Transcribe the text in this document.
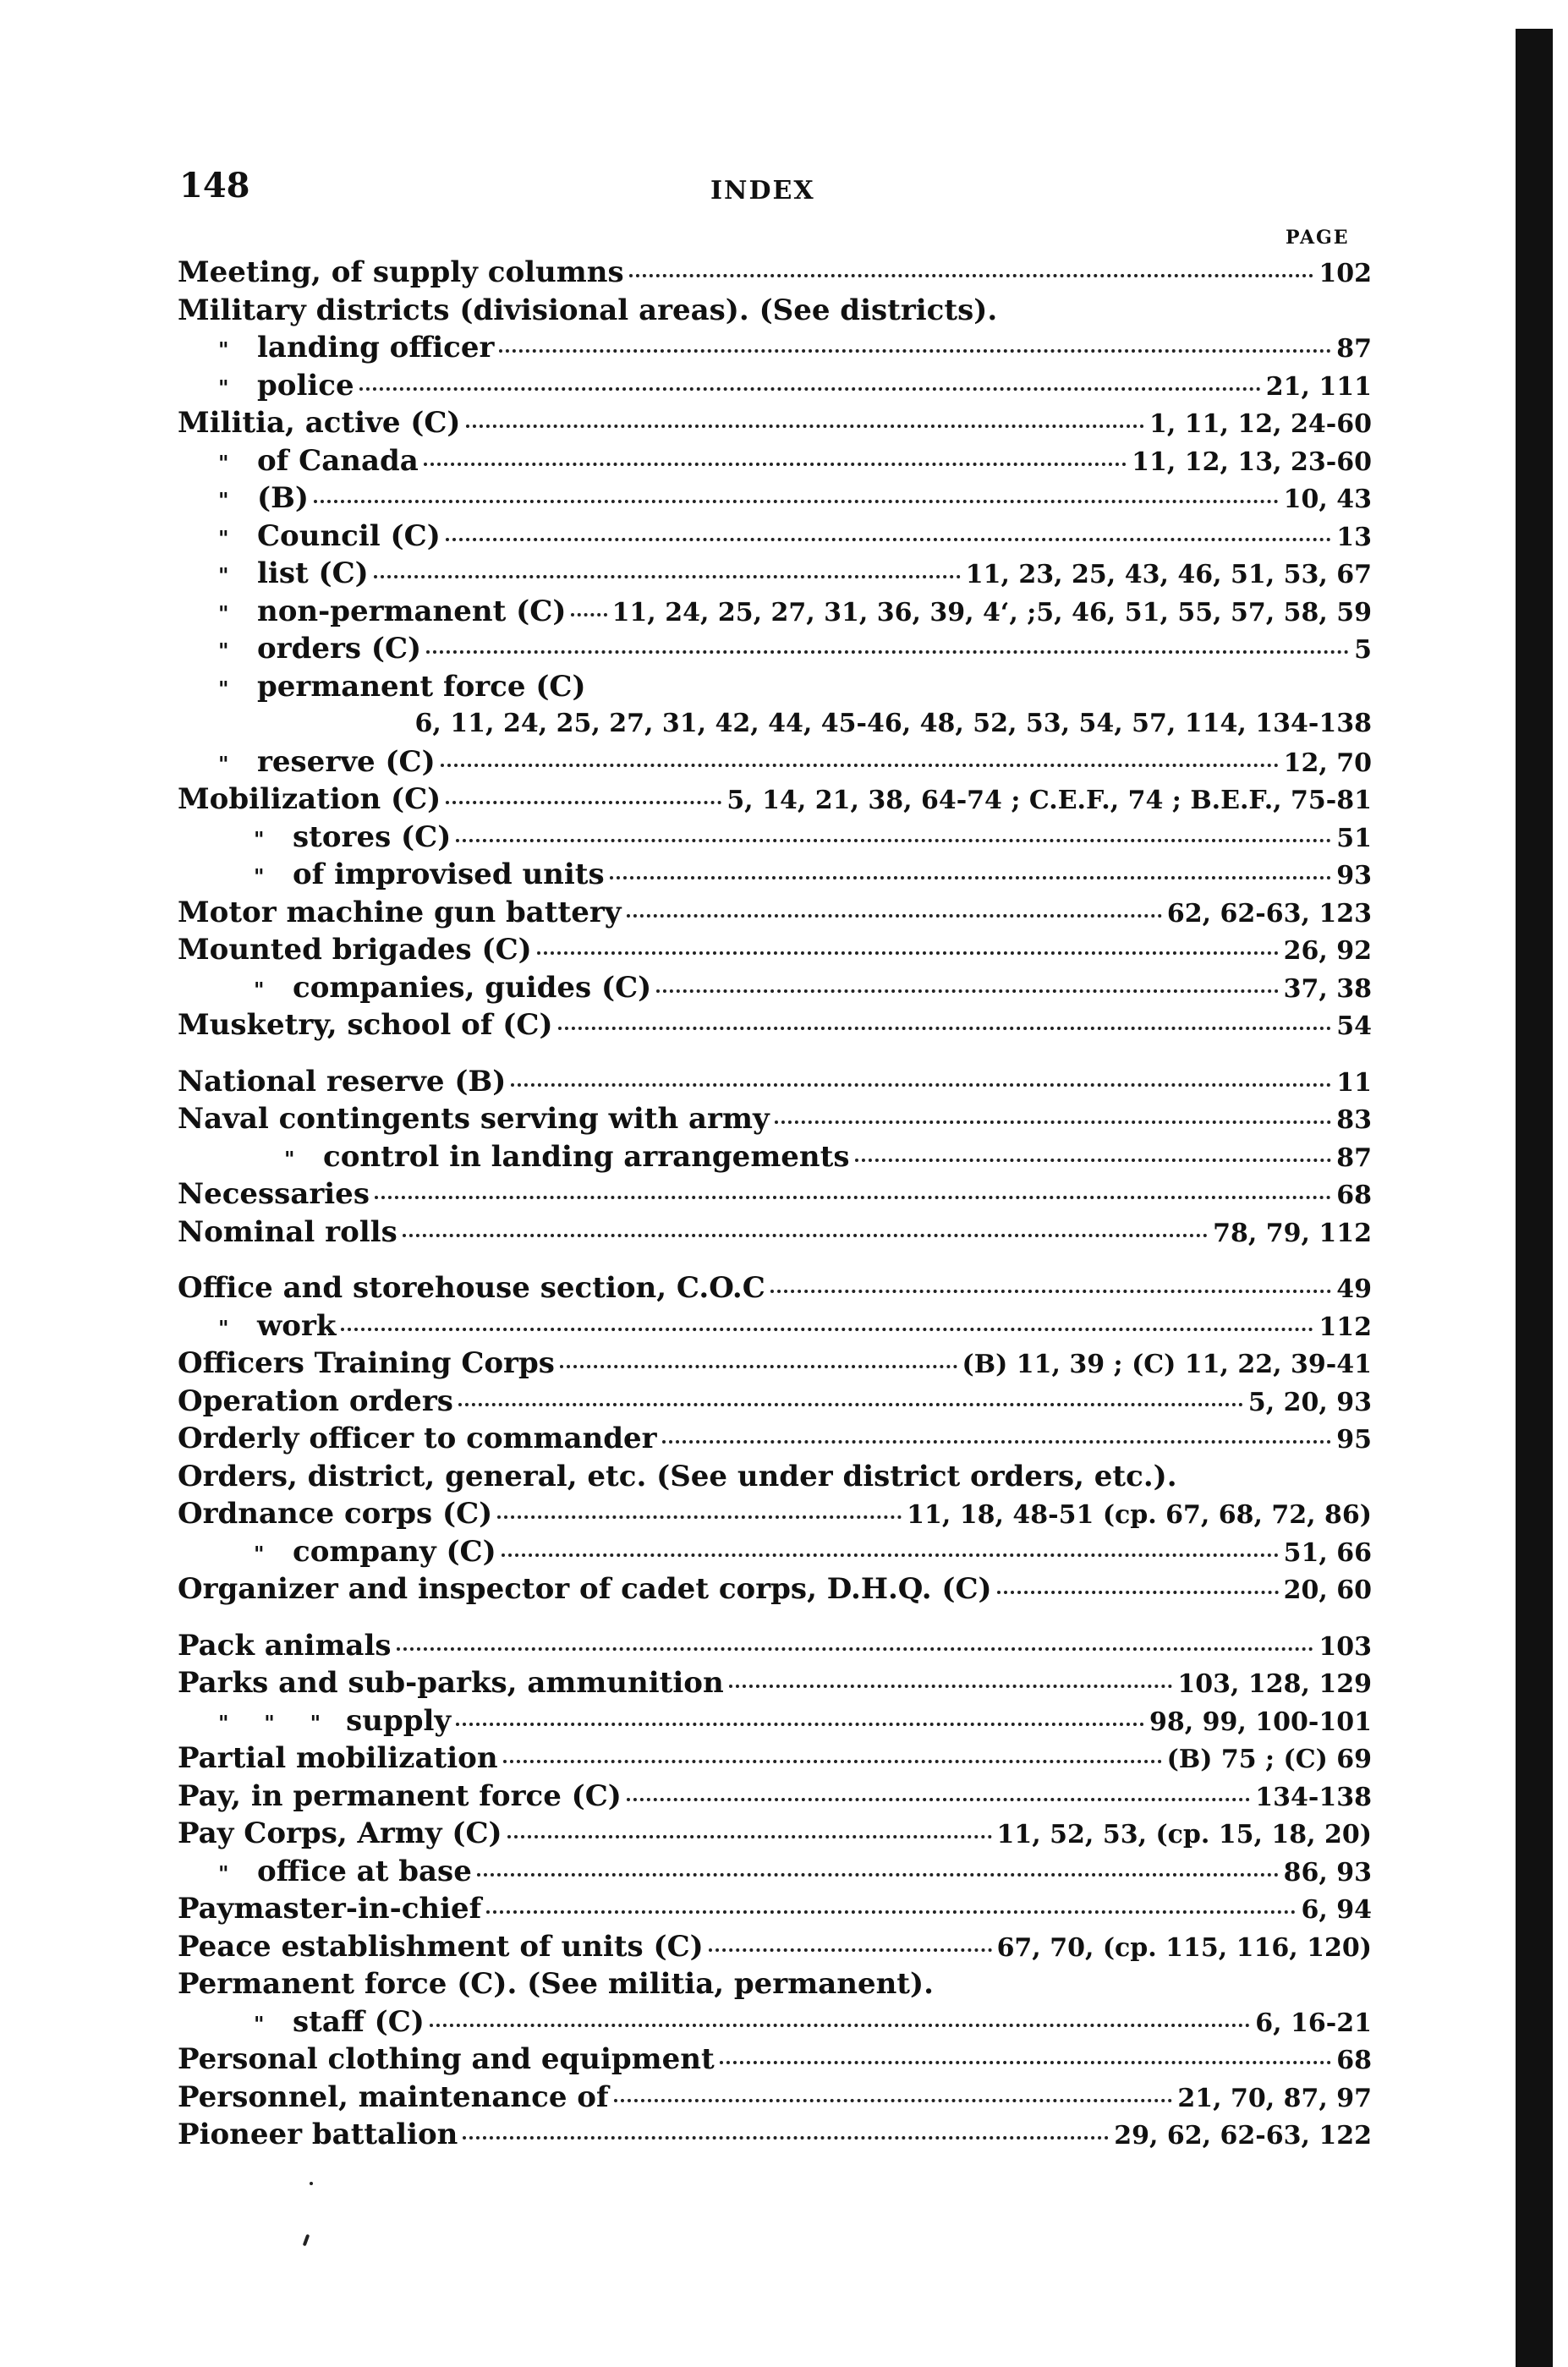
148	INDEX
PAGE
Meeting, of supply columns	102
Military districts (divisional areas). (See districts).
" landing officer	87
" police	21, 111
Militia, active (C)	1, 11, 12, 24-60
" of Canada	11, 12, 13, 23-60
" (B)	10, 43
" Council (C)	13
" list (C)	11, 23, 25, 43, 46, 51, 53, 67
" non-permanent (C) 11, 24, 25, 27, 31, 36, 39, 4‘, ;5, 46, 51, 55, 57, 58, 59
" orders (C)	5
" permanent force (C)
6, 11, 24, 25, 27, 31, 42, 44, 45-46, 48, 52, 53, 54, 57, 114, 134-138
" reserve (C)	12, 70
Mobilization (C)	5, 14, 21, 38, 64-74 ; C.E.F., 74 ; B.E.F., 75-81
" stores (C)	51
" of improvised units	93
Motor machine gun battery	62, 62-63, 123
Mounted brigades (C)	26, 92
" companies, guides (C)	37, 38
Musketry, school of (C)	54
National reserve (B)	11
Naval contingents serving with army	83
" control in landing arrangements	87
Necessaries	68
Nominal rolls	78, 79, 112
Office and storehouse section, C.O.C	49
" work	112
Officers Training Corps	(B) 11, 39 ; (C) 11, 22, 39-41
Operation orders	5, 20, 93
Orderly officer to commander	95
Orders, district, general, etc. (See under district orders, etc.).
Ordnance corps (C)	11, 18, 48-51 (cp. 67, 68, 72, 86)
" company (C)	51, 66
Organizer and inspector of cadet corps, D.H.Q. (C)	20, 60
Pack animals	103
Parks and sub-parks, ammunition	103, 128, 129
"     "     " supply	98, 99, 100-101
Partial mobilization	(B) 75 ; (C) 69
Pay, in permanent force (C)	134-138
Pay Corps, Army (C)	11, 52, 53, (cp. 15, 18, 20)
" office at base	86, 93
Paymaster-in-chief	6, 94
Peace establishment of units (C)	67, 70, (cp. 115, 116, 120)
Permanent force (C). (See militia, permanent).
" staff (C)	6, 16-21
Personal clothing and equipment	68
Personnel, maintenance of	21, 70, 87, 97
Pioneer battalion	29, 62, 62-63, 122
